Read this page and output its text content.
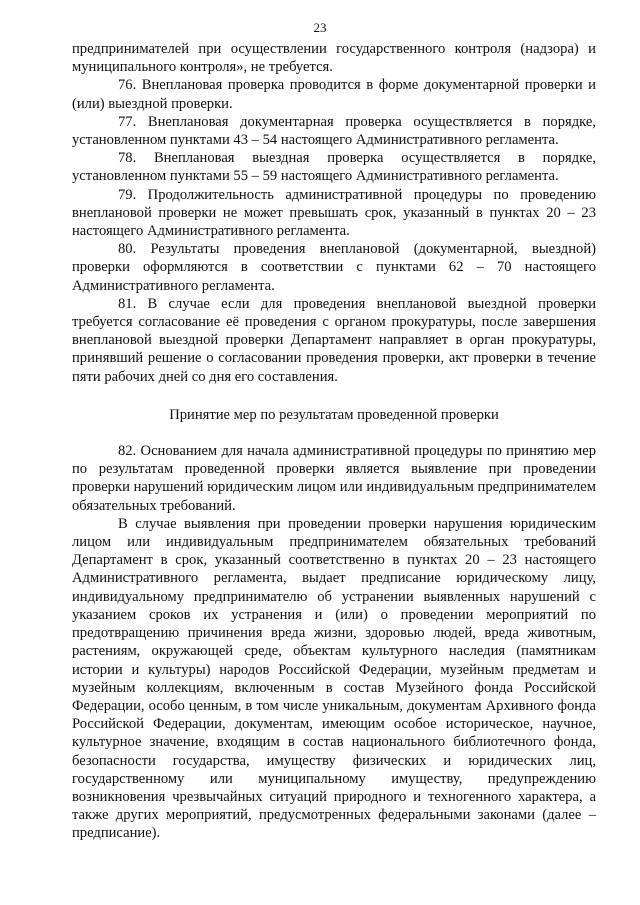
23

предпринимателей при осуществлении государственного контроля (надзора) и муниципального контроля», не требуется.

76. Внеплановая проверка проводится в форме документарной проверки и (или) выездной проверки.

77. Внеплановая документарная проверка осуществляется в порядке, установленном пунктами 43 – 54 настоящего Административного регламента.

78. Внеплановая выездная проверка осуществляется в порядке, установленном пунктами 55 – 59 настоящего Административного регламента.

79. Продолжительность административной процедуры по проведению внеплановой проверки не может превышать срок, указанный в пунктах 20 – 23 настоящего Административного регламента.

80. Результаты проведения внеплановой (документарной, выездной) проверки оформляются в соответствии с пунктами 62 – 70 настоящего Административного регламента.

81. В случае если для проведения внеплановой выездной проверки требуется согласование её проведения с органом прокуратуры, после завершения внеплановой выездной проверки Департамент направляет в орган прокуратуры, принявший решение о согласовании проведения проверки, акт проверки в течение пяти рабочих дней со дня его составления.

Принятие мер по результатам проведенной проверки

82. Основанием для начала административной процедуры по принятию мер по результатам проведенной проверки является выявление при проведении проверки нарушений юридическим лицом или индивидуальным предпринимателем обязательных требований.

В случае выявления при проведении проверки нарушения юридическим лицом или индивидуальным предпринимателем обязательных требований Департамент в срок, указанный соответственно в пунктах 20 – 23 настоящего Административного регламента, выдает предписание юридическому лицу, индивидуальному предпринимателю об устранении выявленных нарушений с указанием сроков их устранения и (или) о проведении мероприятий по предотвращению причинения вреда жизни, здоровью людей, вреда животным, растениям, окружающей среде, объектам культурного наследия (памятникам истории и культуры) народов Российской Федерации, музейным предметам и музейным коллекциям, включенным в состав Музейного фонда Российской Федерации, особо ценным, в том числе уникальным, документам Архивного фонда Российской Федерации, документам, имеющим особое историческое, научное, культурное значение, входящим в состав национального библиотечного фонда, безопасности государства, имуществу физических и юридических лиц, государственному или муниципальному имуществу, предупреждению возникновения чрезвычайных ситуаций природного и техногенного характера, а также других мероприятий, предусмотренных федеральными законами (далее – предписание).
